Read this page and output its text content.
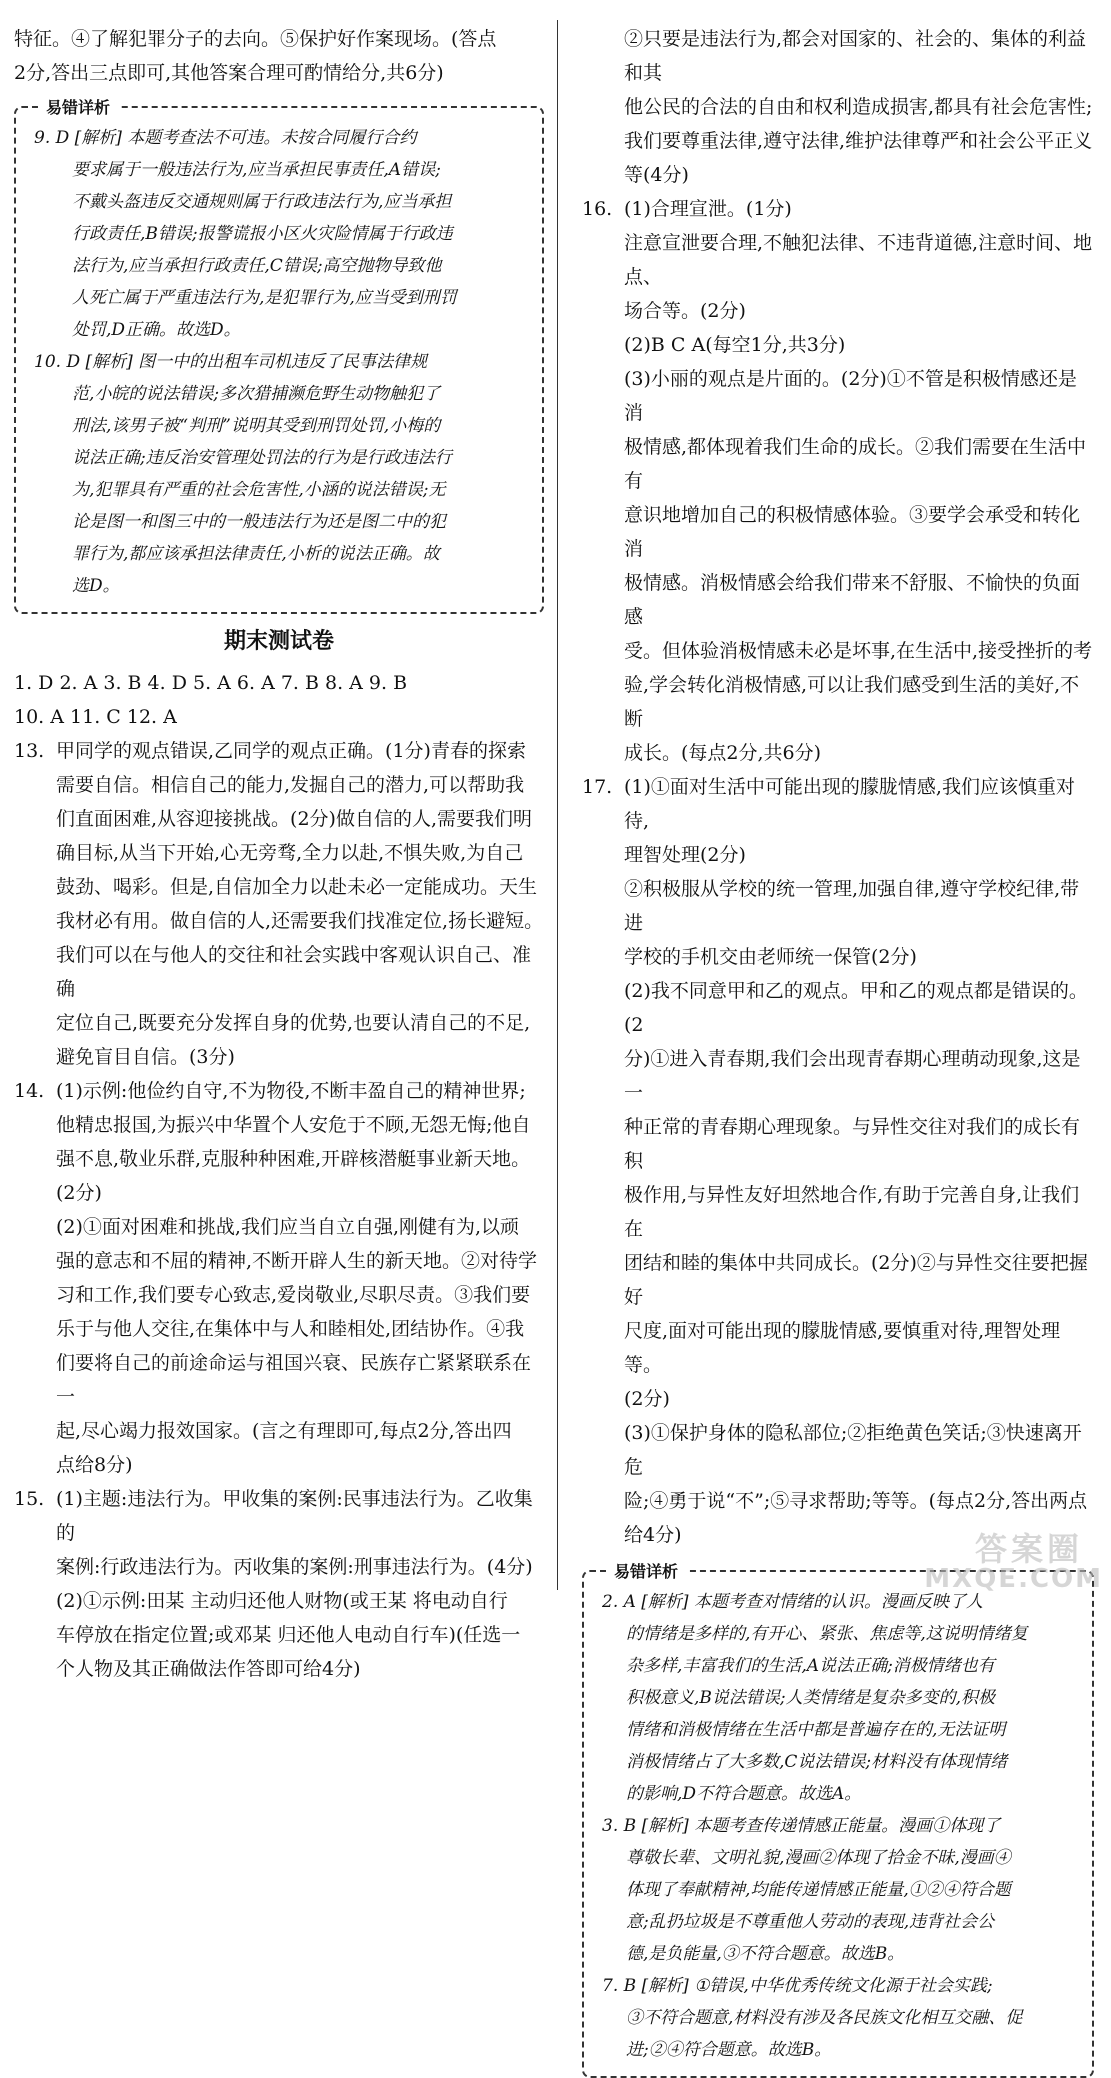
特征。④了解犯罪分子的去向。⑤保护好作案现场。(答点

2分,答出三点即可,其他答案合理可酌情给分,共6分)

易错详析

9. D [解析] 本题考查法不可违。未按合同履行合约

要求属于一般违法行为,应当承担民事责任,A错误;

不戴头盔违反交通规则属于行政违法行为,应当承担

行政责任,B错误;报警谎报小区火灾险情属于行政违

法行为,应当承担行政责任,C错误;高空抛物导致他

人死亡属于严重违法行为,是犯罪行为,应当受到刑罚

处罚,D正确。故选D。

10. D [解析] 图一中的出租车司机违反了民事法律规

范,小皖的说法错误;多次猎捕濒危野生动物触犯了

刑法,该男子被“判刑”说明其受到刑罚处罚,小梅的

说法正确;违反治安管理处罚法的行为是行政违法行

为,犯罪具有严重的社会危害性,小涵的说法错误;无

论是图一和图三中的一般违法行为还是图二中的犯

罪行为,都应该承担法律责任,小析的说法正确。故

选D。

期末测试卷

1. D 2. A 3. B 4. D 5. A 6. A 7. B 8. A 9. B

10. A 11. C 12. A

13. 甲同学的观点错误,乙同学的观点正确。(1分)青春的探索

需要自信。相信自己的能力,发掘自己的潜力,可以帮助我

们直面困难,从容迎接挑战。(2分)做自信的人,需要我们明

确目标,从当下开始,心无旁骛,全力以赴,不惧失败,为自己

鼓劲、喝彩。但是,自信加全力以赴未必一定能成功。天生

我材必有用。做自信的人,还需要我们找准定位,扬长避短。

我们可以在与他人的交往和社会实践中客观认识自己、准确

定位自己,既要充分发挥自身的优势,也要认清自己的不足,

避免盲目自信。(3分)

14. (1)示例:他俭约自守,不为物役,不断丰盈自己的精神世界;

他精忠报国,为振兴中华置个人安危于不顾,无怨无悔;他自

强不息,敬业乐群,克服种种困难,开辟核潜艇事业新天地。

(2分)

(2)①面对困难和挑战,我们应当自立自强,刚健有为,以顽

强的意志和不屈的精神,不断开辟人生的新天地。②对待学

习和工作,我们要专心致志,爱岗敬业,尽职尽责。③我们要

乐于与他人交往,在集体中与人和睦相处,团结协作。④我

们要将自己的前途命运与祖国兴衰、民族存亡紧紧联系在一

起,尽心竭力报效国家。(言之有理即可,每点2分,答出四

点给8分)

15. (1)主题:违法行为。甲收集的案例:民事违法行为。乙收集的

案例:行政违法行为。丙收集的案例:刑事违法行为。(4分)

(2)①示例:田某 主动归还他人财物(或王某 将电动自行

车停放在指定位置;或邓某 归还他人电动自行车)(任选一

个人物及其正确做法作答即可给4分)

②只要是违法行为,都会对国家的、社会的、集体的利益和其

他公民的合法的自由和权利造成损害,都具有社会危害性;

我们要尊重法律,遵守法律,维护法律尊严和社会公平正义

等(4分)

16. (1)合理宣泄。(1分)

注意宣泄要合理,不触犯法律、不违背道德,注意时间、地点、

场合等。(2分)

(2)B C A(每空1分,共3分)

(3)小丽的观点是片面的。(2分)①不管是积极情感还是消

极情感,都体现着我们生命的成长。②我们需要在生活中有

意识地增加自己的积极情感体验。③要学会承受和转化消

极情感。消极情感会给我们带来不舒服、不愉快的负面感

受。但体验消极情感未必是坏事,在生活中,接受挫折的考

验,学会转化消极情感,可以让我们感受到生活的美好,不断

成长。(每点2分,共6分)

17. (1)①面对生活中可能出现的朦胧情感,我们应该慎重对待,

理智处理(2分)

②积极服从学校的统一管理,加强自律,遵守学校纪律,带进

学校的手机交由老师统一保管(2分)

(2)我不同意甲和乙的观点。甲和乙的观点都是错误的。(2

分)①进入青春期,我们会出现青春期心理萌动现象,这是一

种正常的青春期心理现象。与异性交往对我们的成长有积

极作用,与异性友好坦然地合作,有助于完善自身,让我们在

团结和睦的集体中共同成长。(2分)②与异性交往要把握好

尺度,面对可能出现的朦胧情感,要慎重对待,理智处理等。

(2分)

(3)①保护身体的隐私部位;②拒绝黄色笑话;③快速离开危

险;④勇于说“不”;⑤寻求帮助;等等。(每点2分,答出两点

给4分)

易错详析

2. A [解析] 本题考查对情绪的认识。漫画反映了人

的情绪是多样的,有开心、紧张、焦虑等,这说明情绪复

杂多样,丰富我们的生活,A说法正确;消极情绪也有

积极意义,B说法错误;人类情绪是复杂多变的,积极

情绪和消极情绪在生活中都是普遍存在的,无法证明

消极情绪占了大多数,C说法错误;材料没有体现情绪

的影响,D不符合题意。故选A。

3. B [解析] 本题考查传递情感正能量。漫画①体现了

尊敬长辈、文明礼貌,漫画②体现了拾金不昧,漫画④

体现了奉献精神,均能传递情感正能量,①②④符合题

意;乱扔垃圾是不尊重他人劳动的表现,违背社会公

德,是负能量,③不符合题意。故选B。

7. B [解析] ①错误,中华优秀传统文化源于社会实践;

③不符合题意,材料没有涉及各民族文化相互交融、促

进;②④符合题意。故选B。

答案圈
MXQE.COM
